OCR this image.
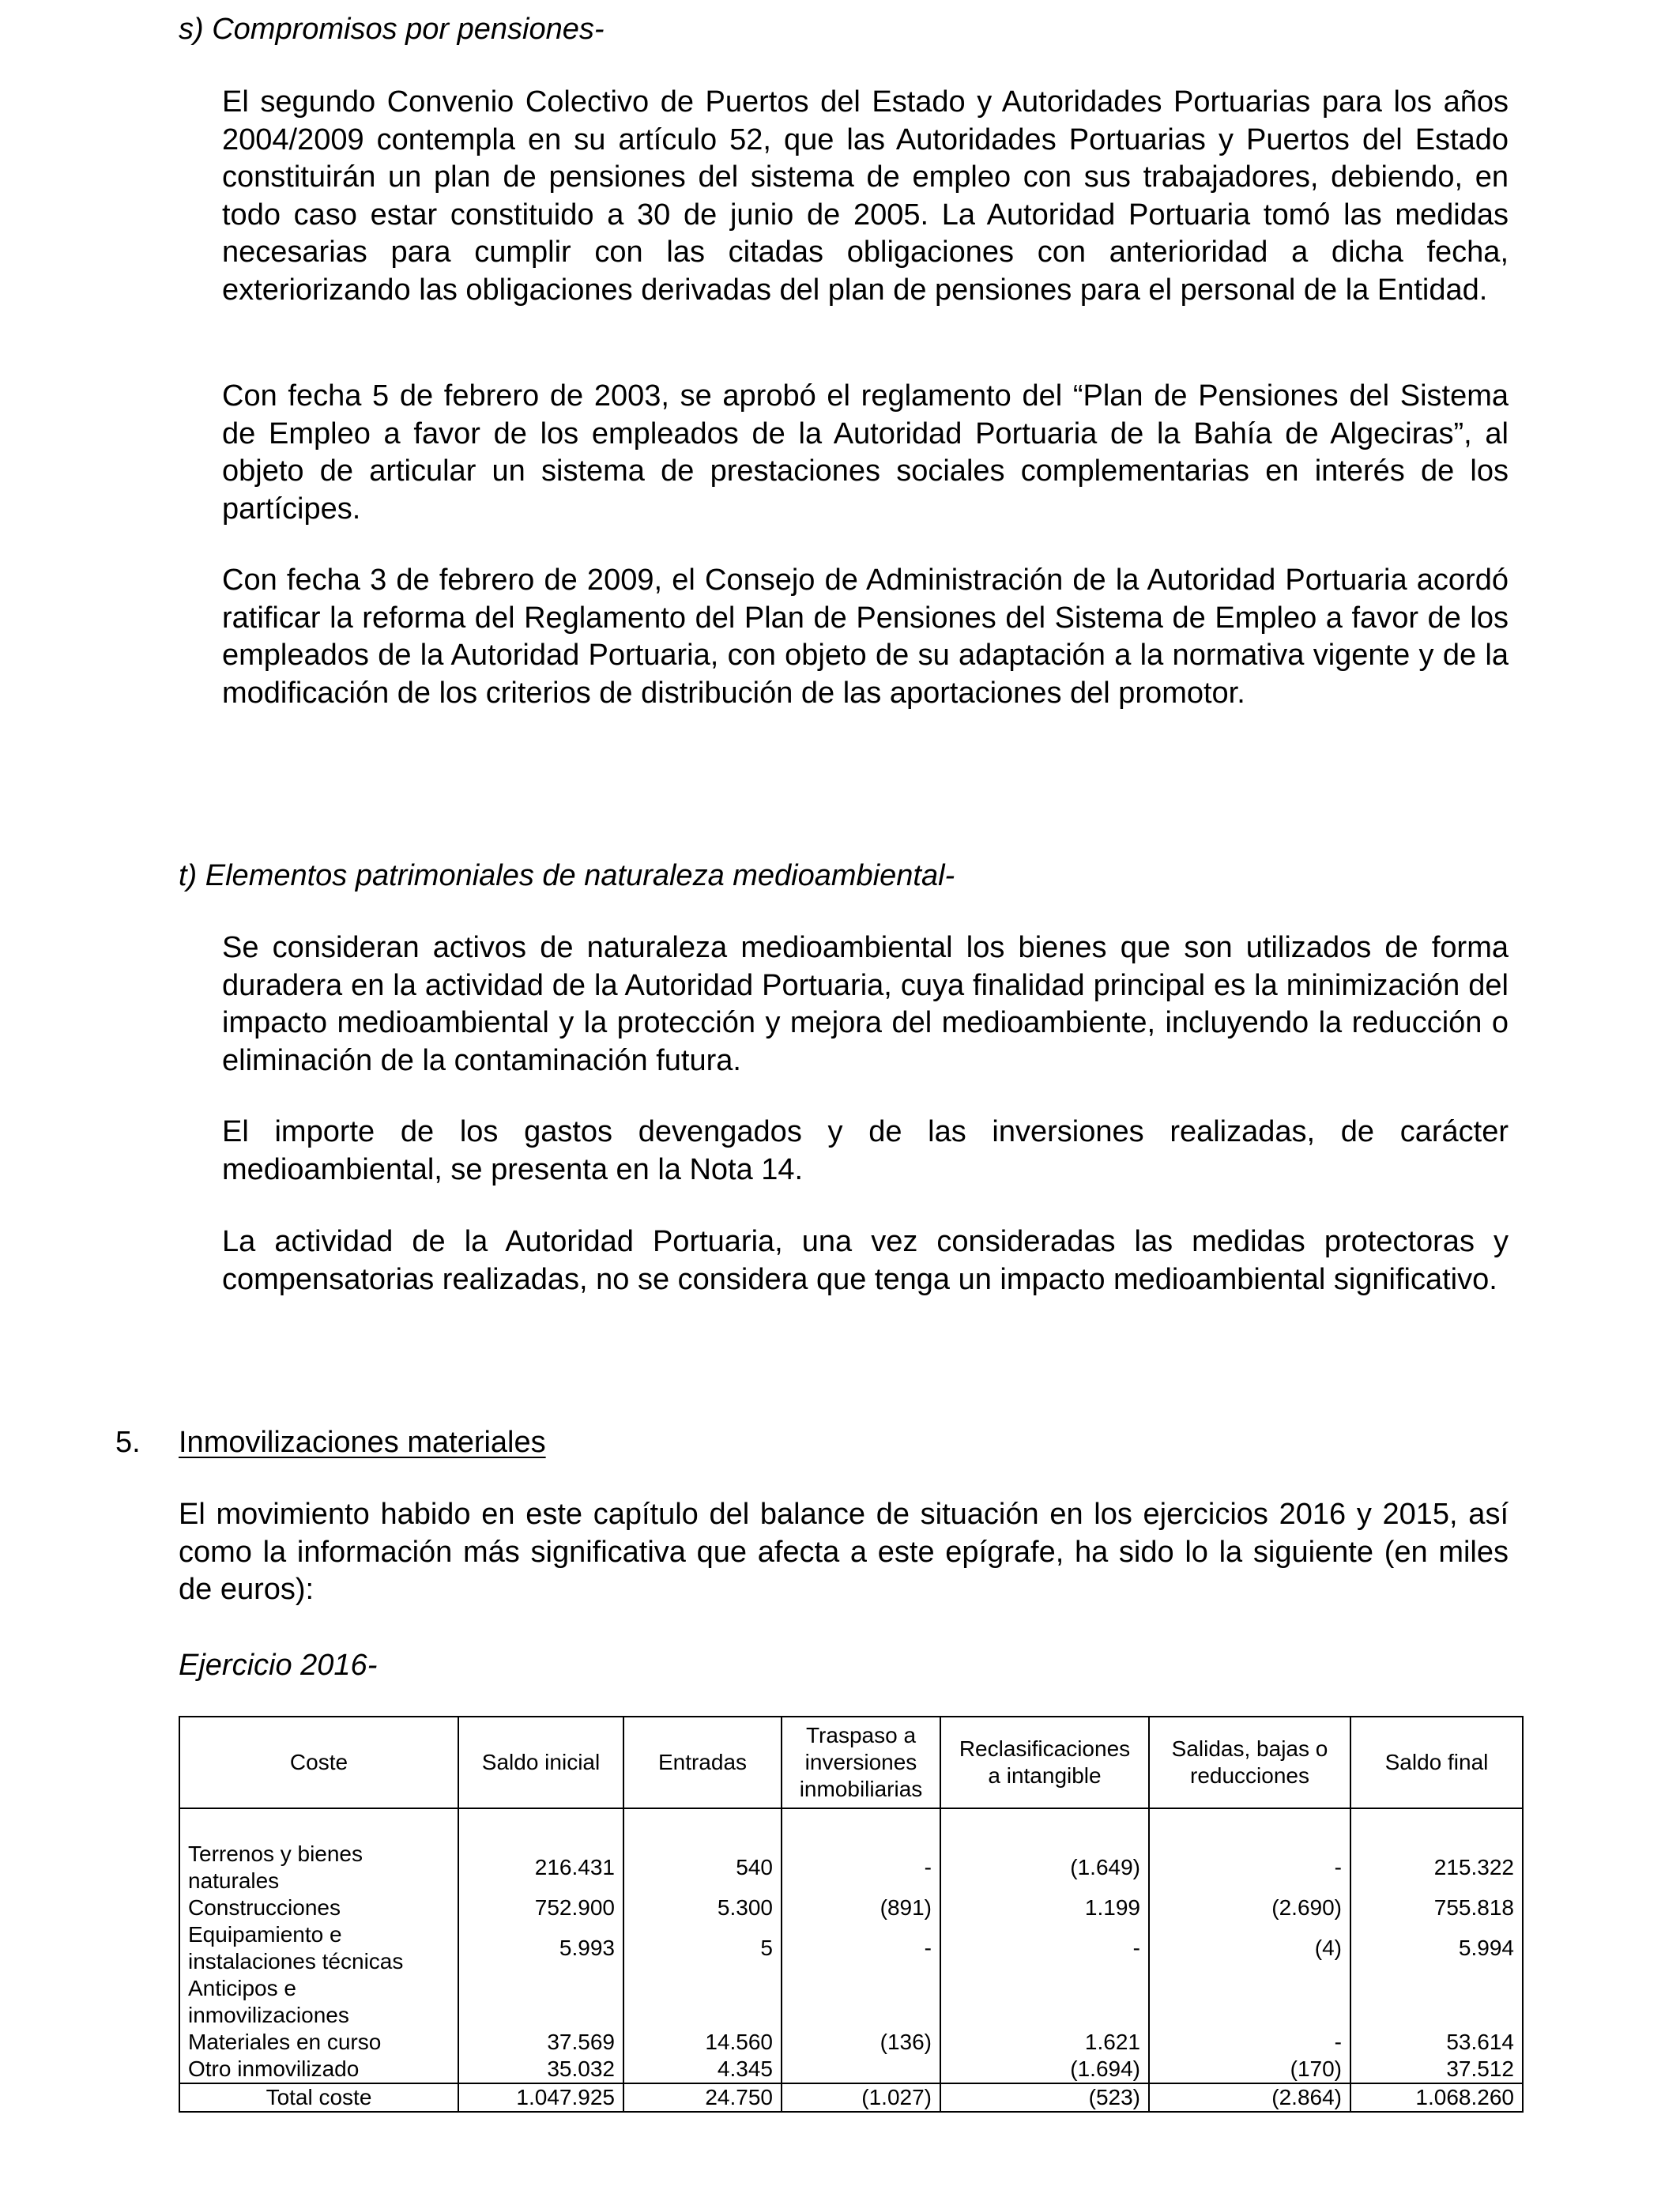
s) Compromisos por pensiones-

El segundo Convenio Colectivo de Puertos del Estado y Autoridades Portuarias para los años 2004/2009 contempla en su artículo 52, que las Autoridades Portuarias y Puertos del Estado constituirán un plan de pensiones del sistema de empleo con sus trabajadores, debiendo, en todo caso estar constituido a 30 de junio de 2005. La Autoridad Portuaria tomó las medidas necesarias para cumplir con las citadas obligaciones con anterioridad a dicha fecha, exteriorizando las obligaciones derivadas del plan de pensiones para el personal de la Entidad.

Con fecha 5 de febrero de 2003, se aprobó el reglamento del “Plan de Pensiones del Sistema de Empleo a favor de los empleados de la Autoridad Portuaria de la Bahía de Algeciras”, al objeto de articular un sistema de prestaciones sociales complementarias en interés de los partícipes.

Con fecha 3 de febrero de 2009, el Consejo de Administración de la Autoridad Portuaria acordó ratificar la reforma del Reglamento del Plan de Pensiones del Sistema de Empleo a favor de los empleados de la Autoridad Portuaria, con objeto de su adaptación a la normativa vigente y de la modificación de los criterios de distribución de las aportaciones del promotor.

t) Elementos patrimoniales de naturaleza medioambiental-

Se consideran activos de naturaleza medioambiental los bienes que son utilizados de forma duradera en la actividad de la Autoridad Portuaria, cuya finalidad principal es la minimización del impacto medioambiental y la protección y mejora del medioambiente, incluyendo la reducción o eliminación de la contaminación futura.

El importe de los gastos devengados y de las inversiones realizadas, de carácter medioambiental, se presenta en la Nota 14.

La actividad de la Autoridad Portuaria, una vez consideradas las medidas protectoras y compensatorias realizadas, no se considera que tenga un impacto medioambiental significativo.

5. Inmovilizaciones materiales

El movimiento habido en este capítulo del balance de situación en los ejercicios 2016 y 2015, así como la información más significativa que afecta a este epígrafe, ha sido lo la siguiente (en miles de euros):

Ejercicio 2016-

Coste	Saldo inicial	Entradas	Traspaso a
inversiones
inmobiliarias	Reclasificaciones
a intangible	Salidas, bajas o
reducciones	Saldo final

Terrenos y bienes
naturales	216.431	540	-	(1.649)	-	215.322
Construcciones	752.900	5.300	(891)	1.199	(2.690)	755.818
Equipamiento e
instalaciones técnicas	5.993	5	-	-	(4)	5.994
Anticipos e
inmovilizaciones
Materiales en curso	37.569	14.560	(136)	1.621	-	53.614
Otro inmovilizado	35.032	4.345		(1.694)	(170)	37.512
Total coste	1.047.925	24.750	(1.027)	(523)	(2.864)	1.068.260
